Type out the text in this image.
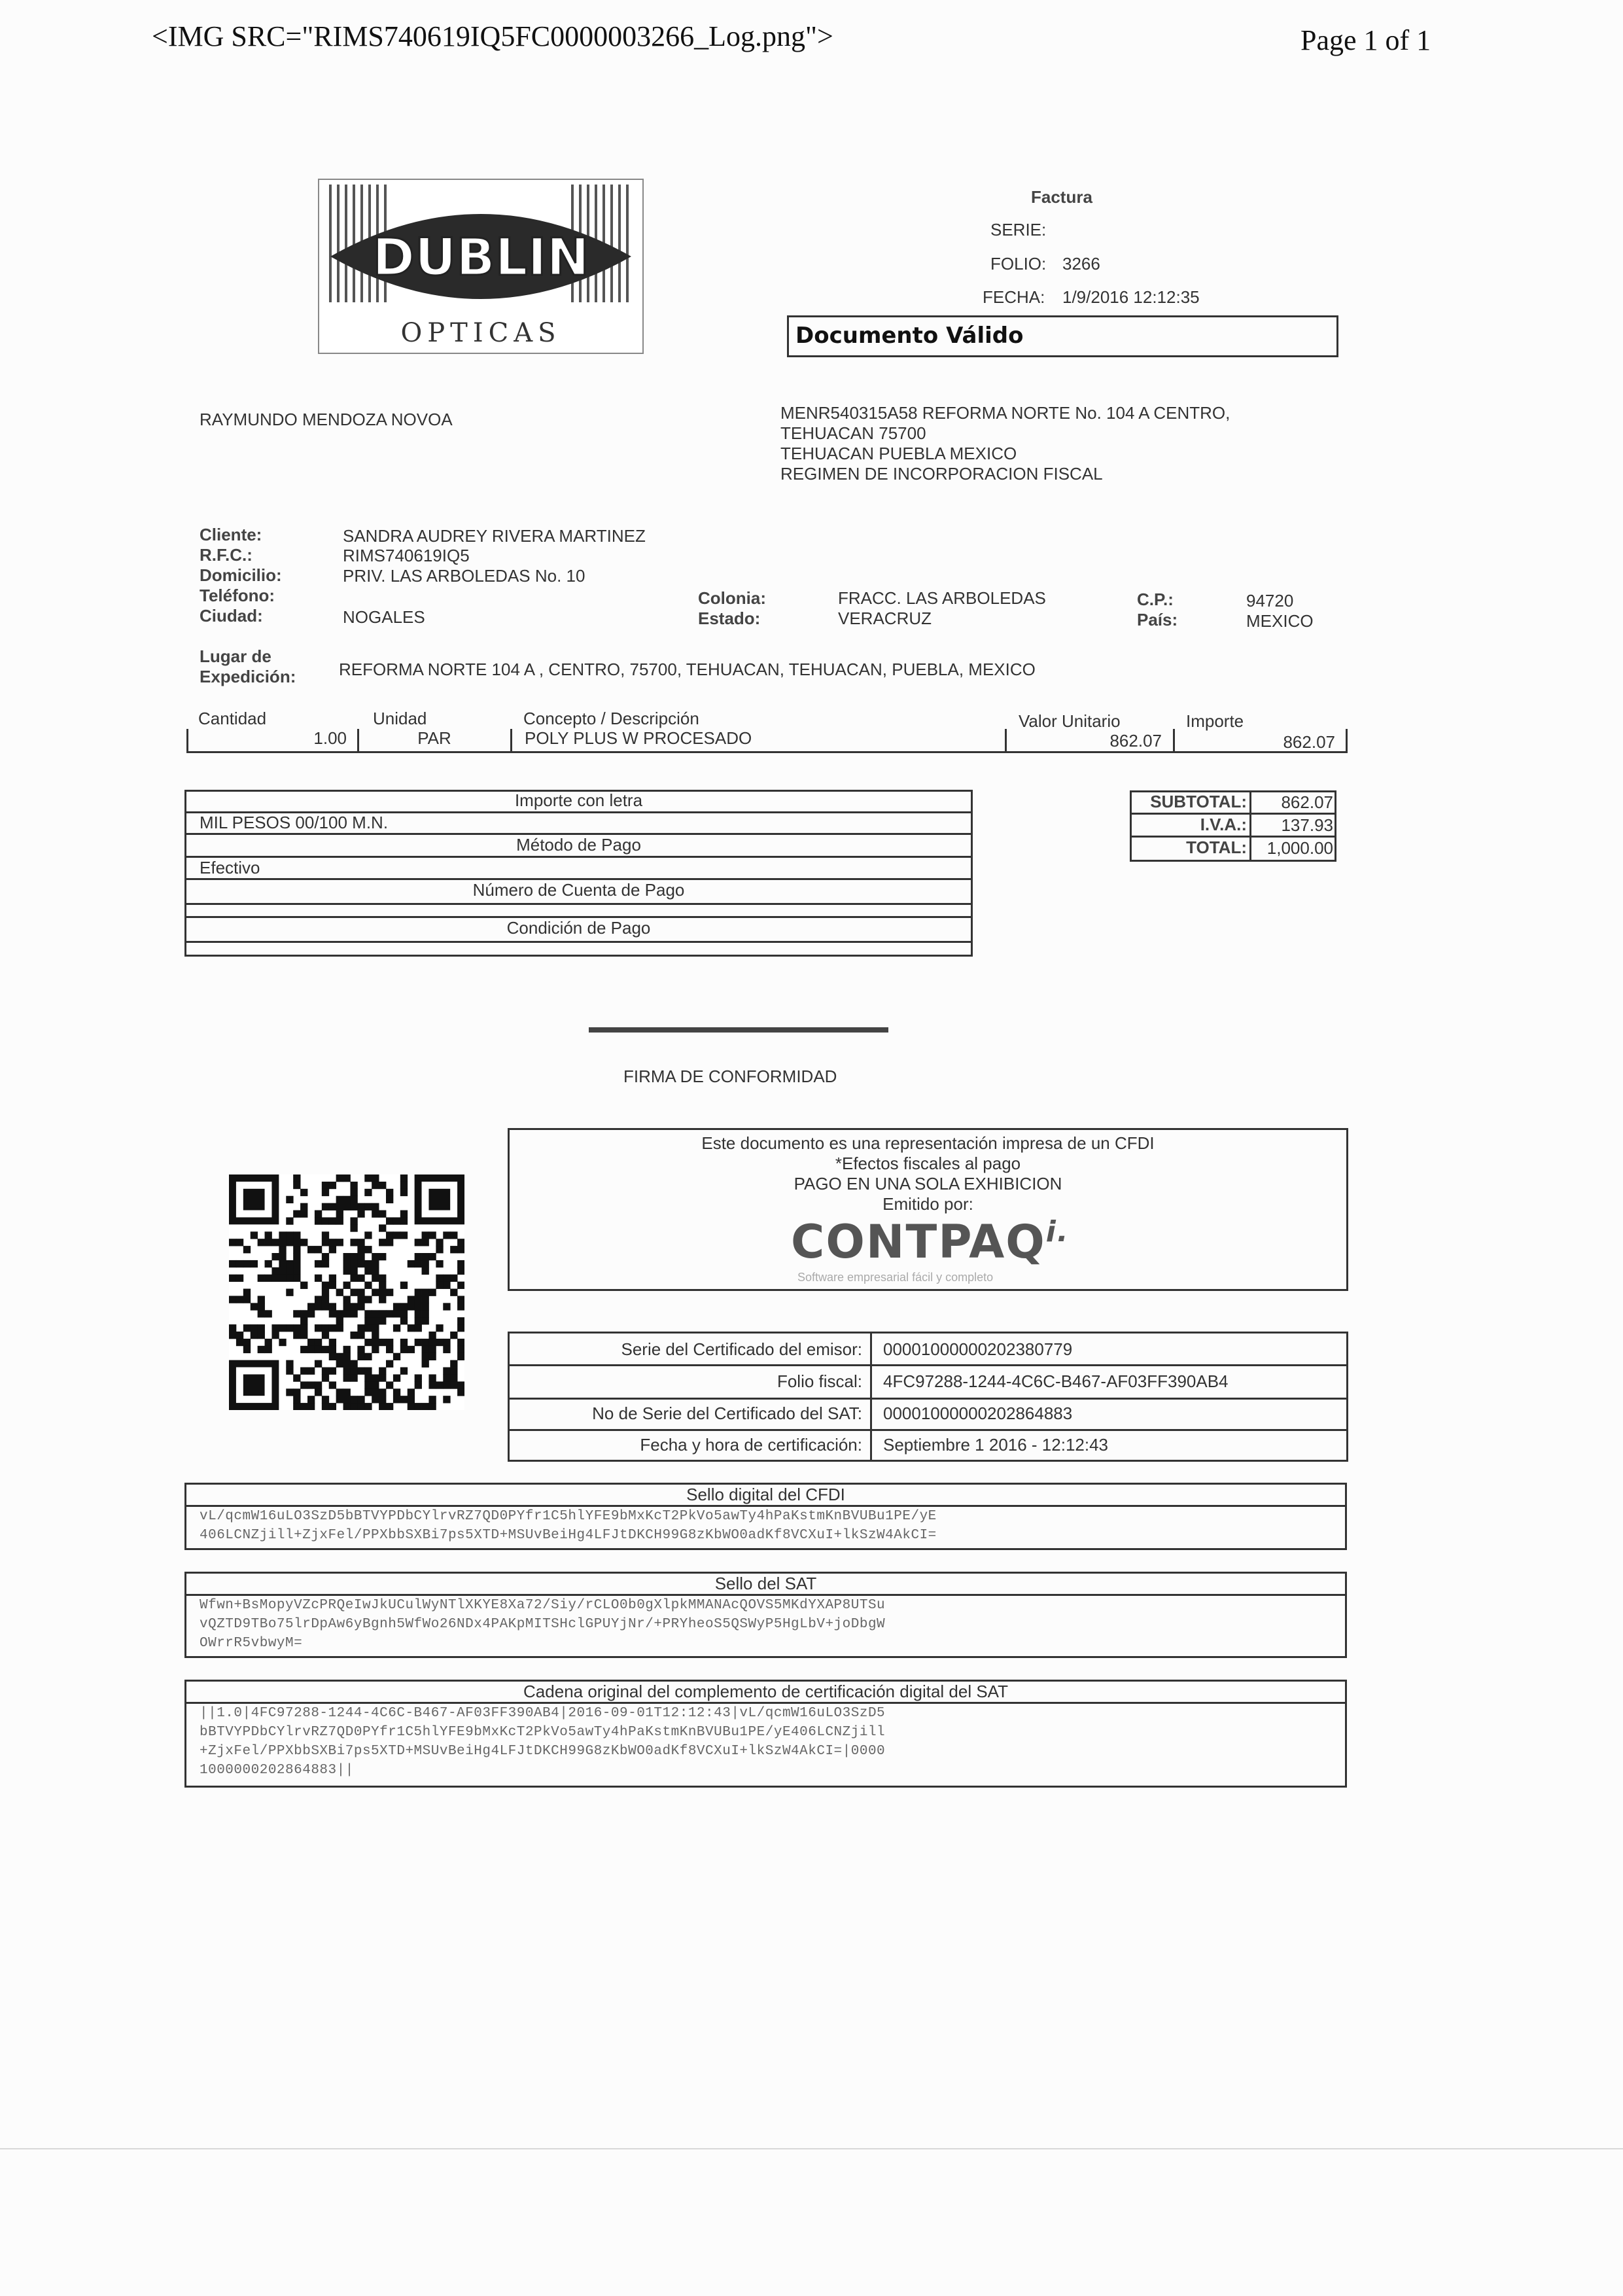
<IMG SRC="RIMS740619IQ5FC0000003266_Log.png">	Page 1 of 1
DUBLIN
OPTICAS
Factura
SERIE:
FOLIO: 3266
FECHA: 1/9/2016 12:12:35
Documento Válido
RAYMUNDO MENDOZA NOVOA	MENR540315A58 REFORMA NORTE No. 104 A CENTRO,
TEHUACAN 75700
TEHUACAN PUEBLA MEXICO
REGIMEN DE INCORPORACION FISCAL
Cliente:	SANDRA AUDREY RIVERA MARTINEZ
R.F.C.:	RIMS740619IQ5
Domicilio:	PRIV. LAS ARBOLEDAS No. 10
Teléfono:
Ciudad:	NOGALES
Colonia:	FRACC. LAS ARBOLEDAS
Estado:	VERACRUZ
C.P.:	94720
País:	MEXICO
Lugar de
Expedición:	REFORMA NORTE 104 A , CENTRO, 75700, TEHUACAN, TEHUACAN, PUEBLA, MEXICO
Cantidad	Unidad	Concepto / Descripción	Valor Unitario	Importe
1.00	PAR	POLY PLUS W PROCESADO	862.07	862.07
Importe con letra
MIL PESOS 00/100 M.N.
Método de Pago
Efectivo
Número de Cuenta de Pago
Condición de Pago
SUBTOTAL:	862.07
I.V.A.:	137.93
TOTAL:	1,000.00
FIRMA DE CONFORMIDAD
Este documento es una representación impresa de un CFDI
*Efectos fiscales al pago
PAGO EN UNA SOLA EXHIBICION
Emitido por:
$CONTPAQ^{i.}$
Software empresarial fácil y completo
Serie del Certificado del emisor: 00001000000202380779
Folio fiscal: 4FC97288-1244-4C6C-B467-AF03FF390AB4
No de Serie del Certificado del SAT: 00001000000202864883
Fecha y hora de certificación: Septiembre 1 2016 - 12:12:43
Sello digital del CFDI
vL/qcmW16uLO3SzD5bBTVYPDbCYlrvRZ7QD0PYfr1C5hlYFE9bMxKcT2PkVo5awTy4hPaKstmKnBVUBu1PE/yE
406LCNZjill+ZjxFel/PPXbbSXBi7ps5XTD+MSUvBeiHg4LFJtDKCH99G8zKbWO0adKf8VCXuI+lkSzW4AkCI=
Sello del SAT
Wfwn+BsMopyVZcPRQeIwJkUCulWyNTlXKYE8Xa72/Siy/rCLO0b0gXlpkMMANAcQOVS5MKdYXAP8UTSu
vQZTD9TBo75lrDpAw6yBgnh5WfWo26NDx4PAKpMITSHclGPUYjNr/+PRYheoS5QSWyP5HgLbV+joDbgW
OWrrR5vbwyM=
Cadena original del complemento de certificación digital del SAT
||1.0|4FC97288-1244-4C6C-B467-AF03FF390AB4|2016-09-01T12:12:43|vL/qcmW16uLO3SzD5
bBTVYPDbCYlrvRZ7QD0PYfr1C5hlYFE9bMxKcT2PkVo5awTy4hPaKstmKnBVUBu1PE/yE406LCNZjill
+ZjxFel/PPXbbSXBi7ps5XTD+MSUvBeiHg4LFJtDKCH99G8zKbWO0adKf8VCXuI+lkSzW4AkCI=|0000
1000000202864883||
